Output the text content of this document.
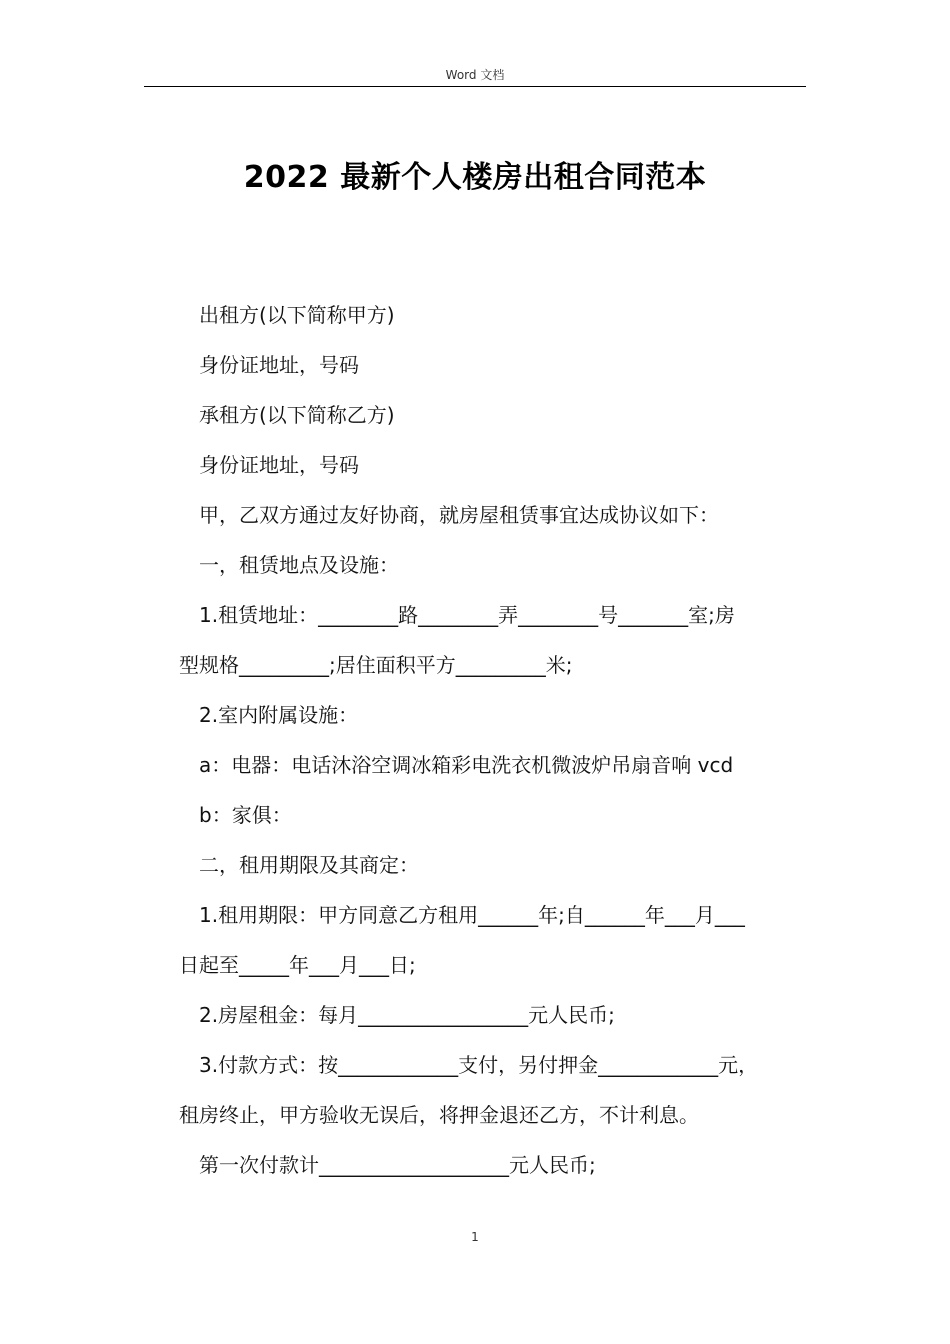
Word 文档
2022 最新个人楼房出租合同范本

出租方(以下简称甲方)

身份证地址，号码

承租方(以下简称乙方)

身份证地址，号码

甲，乙双方通过友好协商，就房屋租赁事宜达成协议如下：

一，租赁地点及设施：

1.租赁地址：________路________弄________号_______室;房

型规格_________;居住面积平方_________米;

2.室内附属设施：

a：电器：电话沐浴空调冰箱彩电洗衣机微波炉吊扇音响 vcd

b：家俱：

二，租用期限及其商定：

1.租用期限：甲方同意乙方租用______年;自______年___月___

日起至_____年___月___日;

2.房屋租金：每月_________________元人民币;

3.付款方式：按____________支付，另付押金____________元，

租房终止，甲方验收无误后，将押金退还乙方，不计利息。

第一次付款计___________________元人民币;

1
